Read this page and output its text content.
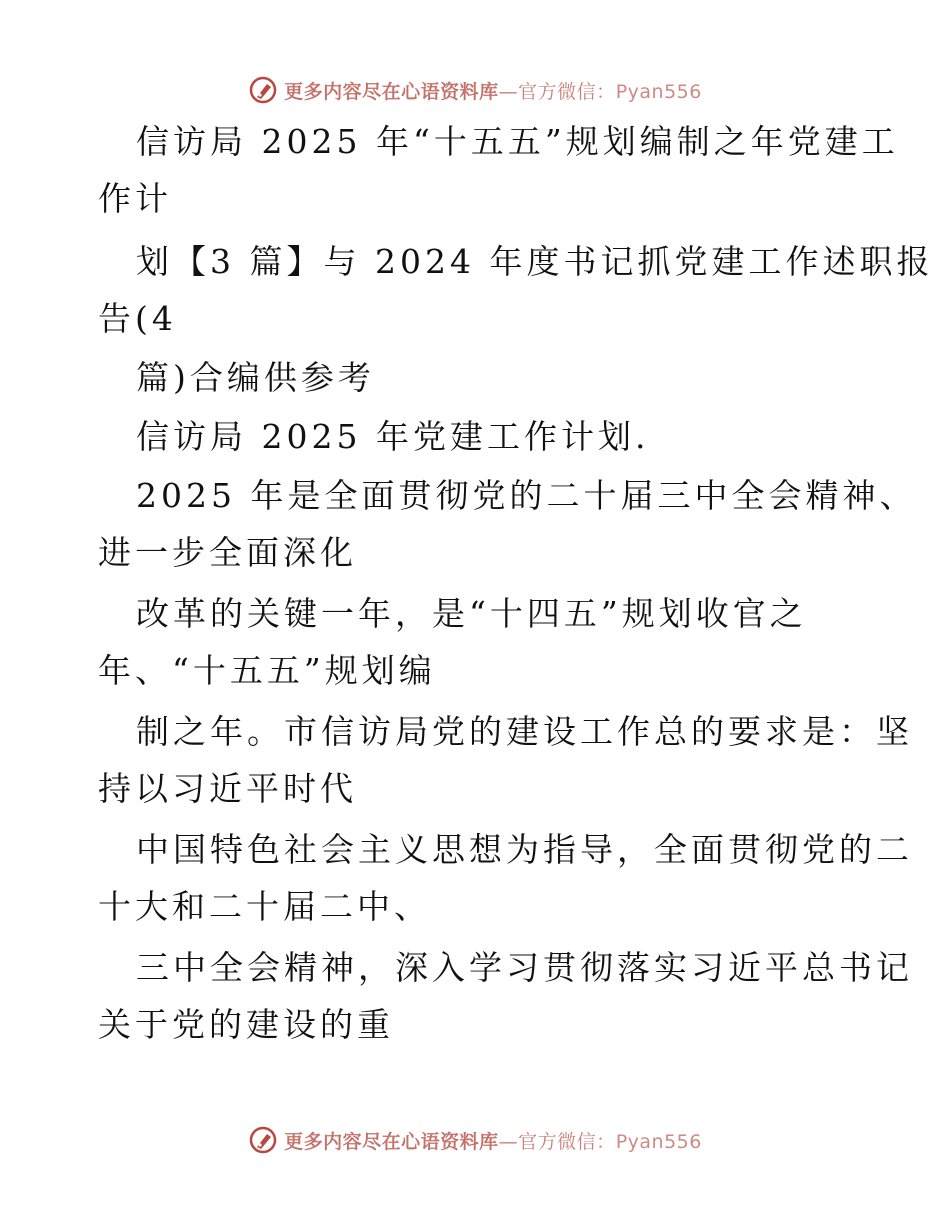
更多内容尽在心语资料库—官方微信：Pyan556
信访局 2025 年“十五五”规划编制之年党建工
作计
划【3 篇】与 2024 年度书记抓党建工作述职报
告(4
篇)合编供参考
信访局 2025 年党建工作计划.
2025 年是全面贯彻党的二十届三中全会精神、
进一步全面深化
改革的关键一年，是“十四五”规划收官之
年、“十五五”规划编
制之年。市信访局党的建设工作总的要求是：坚
持以习近平时代
中国特色社会主义思想为指导，全面贯彻党的二
十大和二十届二中、
三中全会精神，深入学习贯彻落实习近平总书记
关于党的建设的重
更多内容尽在心语资料库—官方微信：Pyan556
